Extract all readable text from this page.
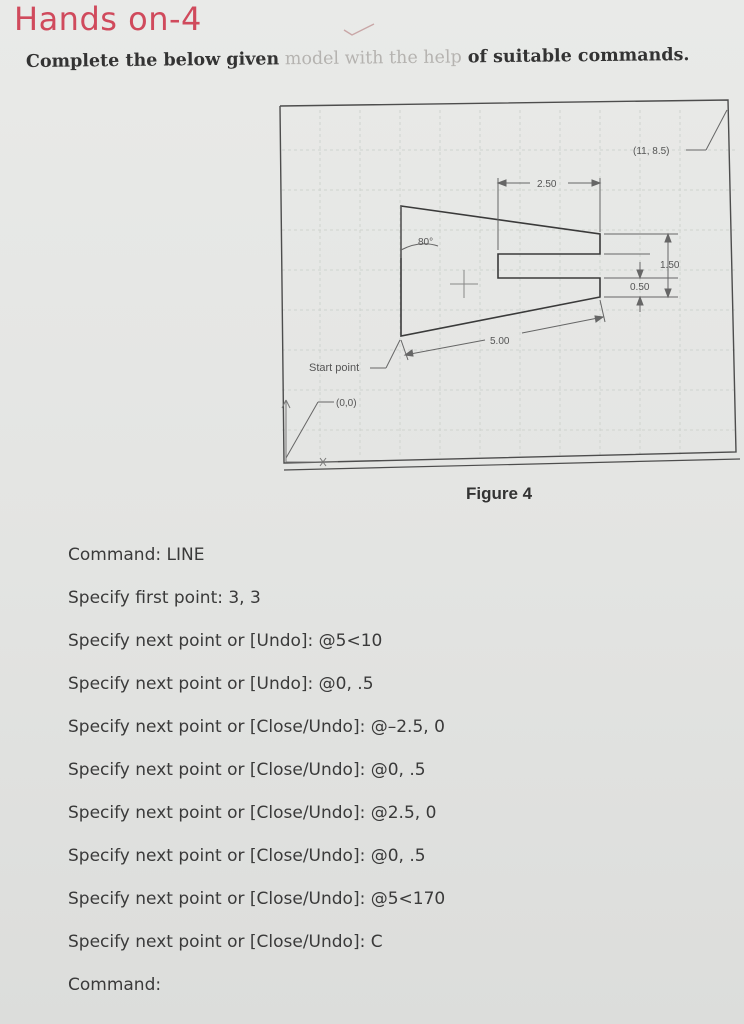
Hands on-4

Complete the below given model with the help of suitable commands.

2.50
1.50
0.50
5.00
80°
(11, 8.5)
Start point
(0,0)

Figure 4

Command: LINE
Specify first point: 3, 3
Specify next point or [Undo]: @5<10
Specify next point or [Undo]: @0, .5
Specify next point or [Close/Undo]: @–2.5, 0
Specify next point or [Close/Undo]: @0, .5
Specify next point or [Close/Undo]: @2.5, 0
Specify next point or [Close/Undo]: @0, .5
Specify next point or [Close/Undo]: @5<170
Specify next point or [Close/Undo]: C
Command:
